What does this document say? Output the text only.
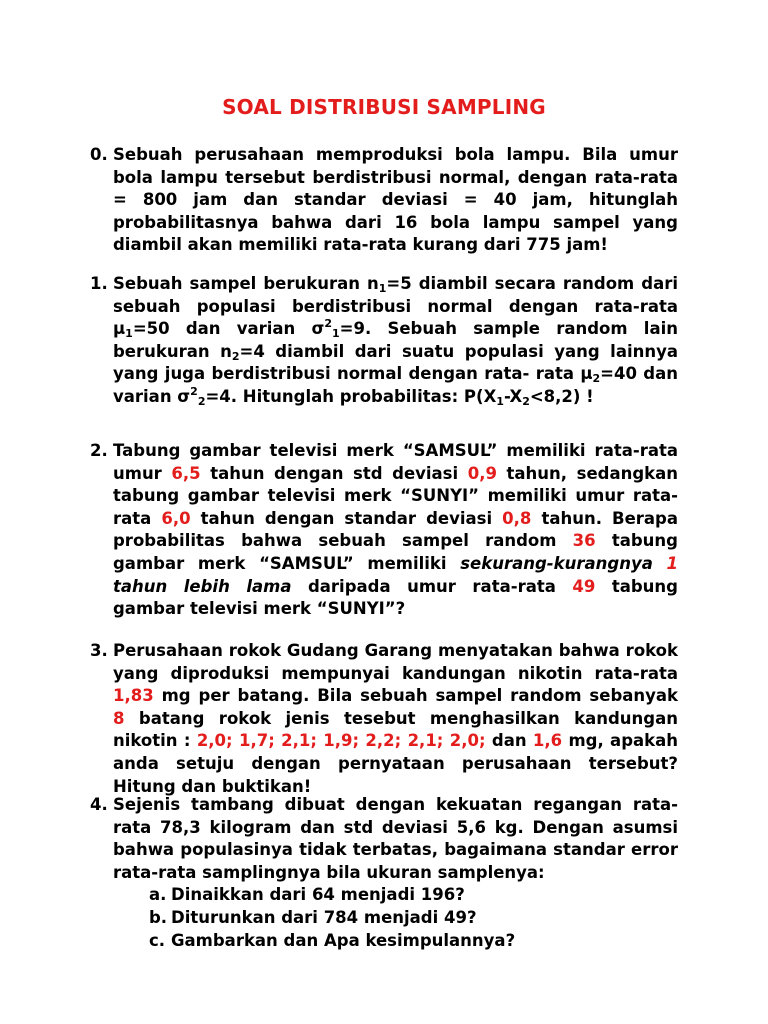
SOAL DISTRIBUSI SAMPLING
0. Sebuah perusahaan memproduksi bola lampu. Bila umur bola lampu tersebut berdistribusi normal, dengan rata-rata = 800 jam dan standar deviasi = 40 jam, hitunglah probabilitasnya bahwa dari 16 bola lampu sampel yang diambil akan memiliki rata-rata kurang dari 775 jam!
1. Sebuah sampel berukuran $n_1=5$ diambil secara random dari sebuah populasi berdistribusi normal dengan rata-rata $\mu_1=50$ dan varian $\sigma^2_1=9$. Sebuah sample random lain berukuran $n_2=4$ diambil dari suatu populasi yang lainnya yang juga berdistribusi normal dengan rata- rata $\mu_2=40$ dan varian $\sigma^2_2=4$. Hitunglah probabilitas: $P(X_1-X_2<8,2)$ !
2. Tabung gambar televisi merk “SAMSUL” memiliki rata-rata umur 6,5 tahun dengan std deviasi 0,9 tahun, sedangkan tabung gambar televisi merk “SUNYI” memiliki umur rata-rata 6,0 tahun dengan standar deviasi 0,8 tahun. Berapa probabilitas bahwa sebuah sampel random 36 tabung gambar merk “SAMSUL” memiliki sekurang-kurangnya 1 tahun lebih lama daripada umur rata-rata 49 tabung gambar televisi merk “SUNYI”?
3. Perusahaan rokok Gudang Garang menyatakan bahwa rokok yang diproduksi mempunyai kandungan nikotin rata-rata 1,83 mg per batang. Bila sebuah sampel random sebanyak 8 batang rokok jenis tesebut menghasilkan kandungan nikotin : 2,0; 1,7; 2,1; 1,9; 2,2; 2,1; 2,0; dan 1,6 mg, apakah anda setuju dengan pernyataan perusahaan tersebut? Hitung dan buktikan!
4. Sejenis tambang dibuat dengan kekuatan regangan rata-rata 78,3 kilogram dan std deviasi 5,6 kg. Dengan asumsi bahwa populasinya tidak terbatas, bagaimana standar error rata-rata samplingnya bila ukuran samplenya:
a. Dinaikkan dari 64 menjadi 196?
b. Diturunkan dari 784 menjadi 49?
c. Gambarkan dan Apa kesimpulannya?
